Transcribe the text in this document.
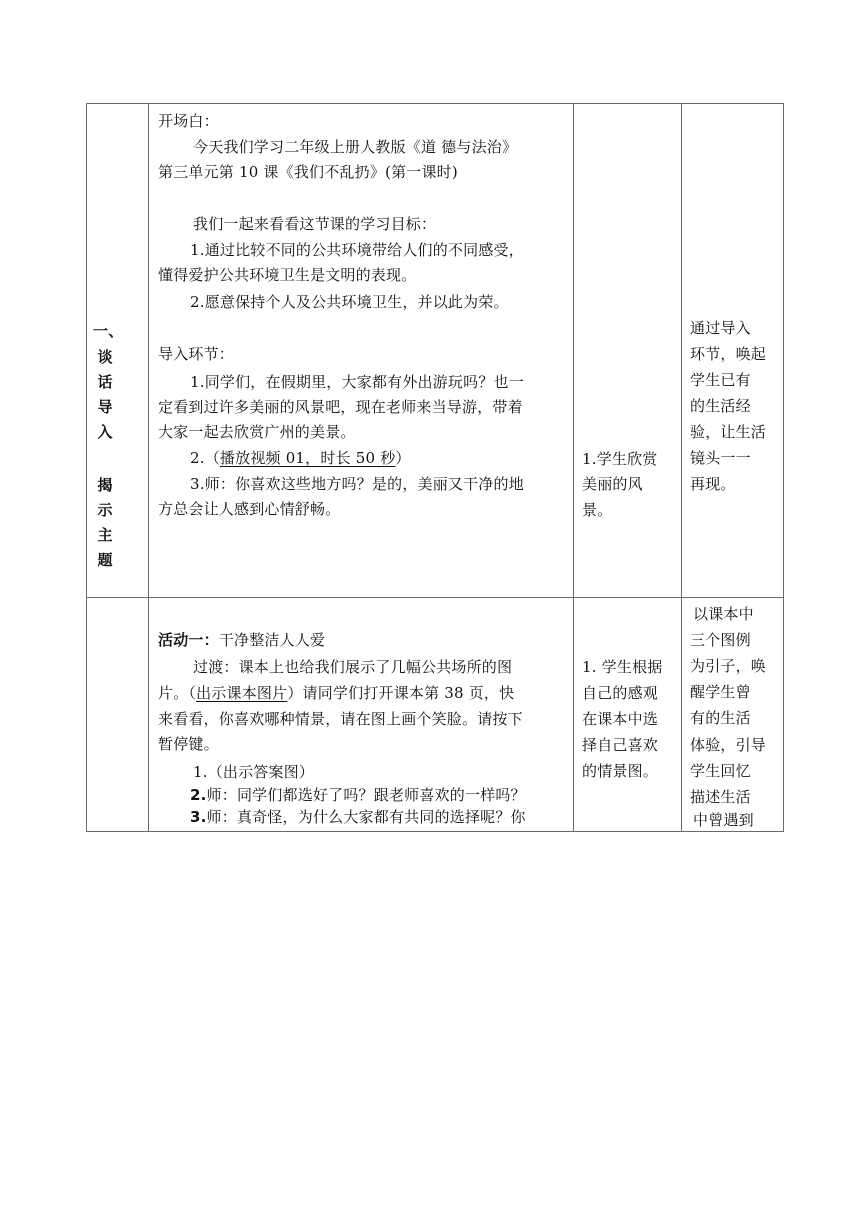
一、
谈
话
导
入
揭
示
主
题
开场白：
今天我们学习二年级上册人教版《道 德与法治》
第三单元第 10 课《我们不乱扔》(第一课时)
我们一起来看看这节课的学习目标：
1.通过比较不同的公共环境带给人们的不同感受，
懂得爱护公共环境卫生是文明的表现。
2.愿意保持个人及公共环境卫生，并以此为荣。
导入环节：
1.同学们，在假期里，大家都有外出游玩吗？也一
定看到过许多美丽的风景吧，现在老师来当导游，带着
大家一起去欣赏广州的美景。
2.（播放视频 01，时长 50 秒）
3.师：你喜欢这些地方吗？是的，美丽又干净的地
方总会让人感到心情舒畅。
1.学生欣赏
美丽的风
景。
通过导入
环节，唤起
学生已有
的生活经
验，让生活
镜头一一
再现。
活动一：干净整洁人人爱
过渡：课本上也给我们展示了几幅公共场所的图
片。（出示课本图片）请同学们打开课本第 38 页，快
来看看，你喜欢哪种情景，请在图上画个笑脸。请按下
暂停键。
1.（出示答案图）
2.师：同学们都选好了吗？跟老师喜欢的一样吗？
3.师：真奇怪，为什么大家都有共同的选择呢？你
1. 学生根据
自己的感观
在课本中选
择自己喜欢
的情景图。
以课本中
三个图例
为引子，唤
醒学生曾
有的生活
体验，引导
学生回忆
描述生活
中曾遇到
